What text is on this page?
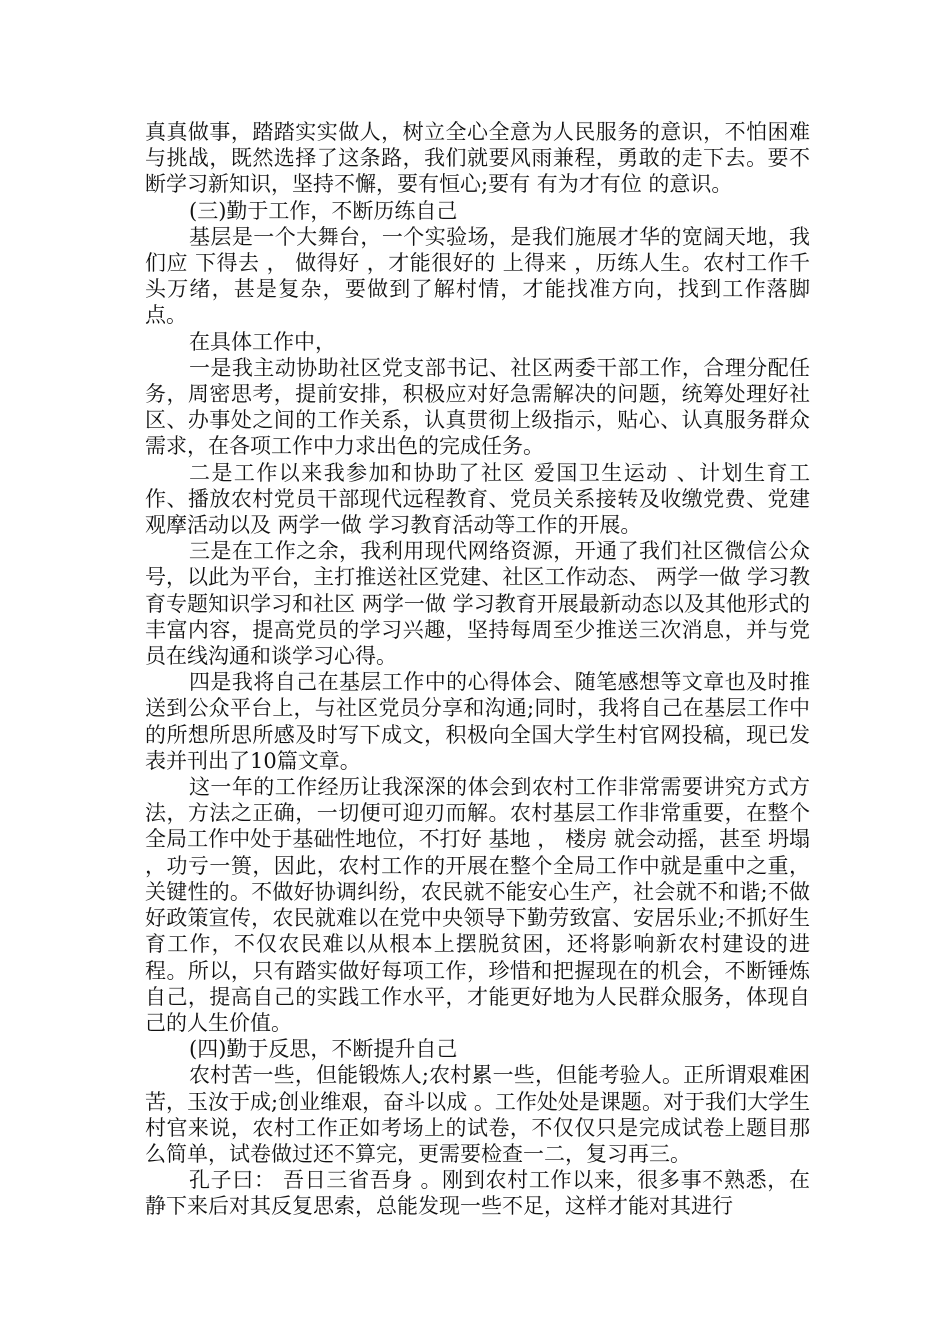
真真做事，踏踏实实做人，树立全心全意为人民服务的意识，不怕困难与挑战，既然选择了这条路，我们就要风雨兼程，勇敢的走下去。要不断学习新知识，坚持不懈，要有恒心;要有 有为才有位 的意识。

(三)勤于工作，不断历练自己

基层是一个大舞台，一个实验场，是我们施展才华的宽阔天地，我们应 下得去 ， 做得好 ，才能很好的 上得来 ，历练人生。农村工作千头万绪，甚是复杂，要做到了解村情，才能找准方向，找到工作落脚点。

在具体工作中，

一是我主动协助社区党支部书记、社区两委干部工作，合理分配任务，周密思考，提前安排，积极应对好急需解决的问题，统筹处理好社区、办事处之间的工作关系，认真贯彻上级指示，贴心、认真服务群众需求，在各项工作中力求出色的完成任务。

二是工作以来我参加和协助了社区 爱国卫生运动 、计划生育工作、播放农村党员干部现代远程教育、党员关系接转及收缴党费、党建观摩活动以及 两学一做 学习教育活动等工作的开展。

三是在工作之余，我利用现代网络资源，开通了我们社区微信公众号，以此为平台，主打推送社区党建、社区工作动态、 两学一做 学习教育专题知识学习和社区 两学一做 学习教育开展最新动态以及其他形式的丰富内容，提高党员的学习兴趣，坚持每周至少推送三次消息，并与党员在线沟通和谈学习心得。

四是我将自己在基层工作中的心得体会、随笔感想等文章也及时推送到公众平台上，与社区党员分享和沟通;同时，我将自己在基层工作中的所想所思所感及时写下成文，积极向全国大学生村官网投稿，现已发表并刊出了10篇文章。

这一年的工作经历让我深深的体会到农村工作非常需要讲究方式方法，方法之正确，一切便可迎刃而解。农村基层工作非常重要，在整个全局工作中处于基础性地位，不打好 基地 ， 楼房 就会动摇，甚至 坍塌 ，功亏一篑，因此，农村工作的开展在整个全局工作中就是重中之重，关键性的。不做好协调纠纷，农民就不能安心生产，社会就不和谐;不做好政策宣传，农民就难以在党中央领导下勤劳致富、安居乐业;不抓好生育工作，不仅农民难以从根本上摆脱贫困，还将影响新农村建设的进程。所以，只有踏实做好每项工作，珍惜和把握现在的机会，不断锤炼自己，提高自己的实践工作水平，才能更好地为人民群众服务，体现自己的人生价值。

(四)勤于反思，不断提升自己

农村苦一些，但能锻炼人;农村累一些，但能考验人。正所谓艰难困苦，玉汝于成;创业维艰，奋斗以成 。工作处处是课题。对于我们大学生村官来说，农村工作正如考场上的试卷，不仅仅只是完成试卷上题目那么简单，试卷做过还不算完，更需要检查一二，复习再三。

孔子曰： 吾日三省吾身 。刚到农村工作以来，很多事不熟悉，在静下来后对其反复思索，总能发现一些不足，这样才能对其进行
